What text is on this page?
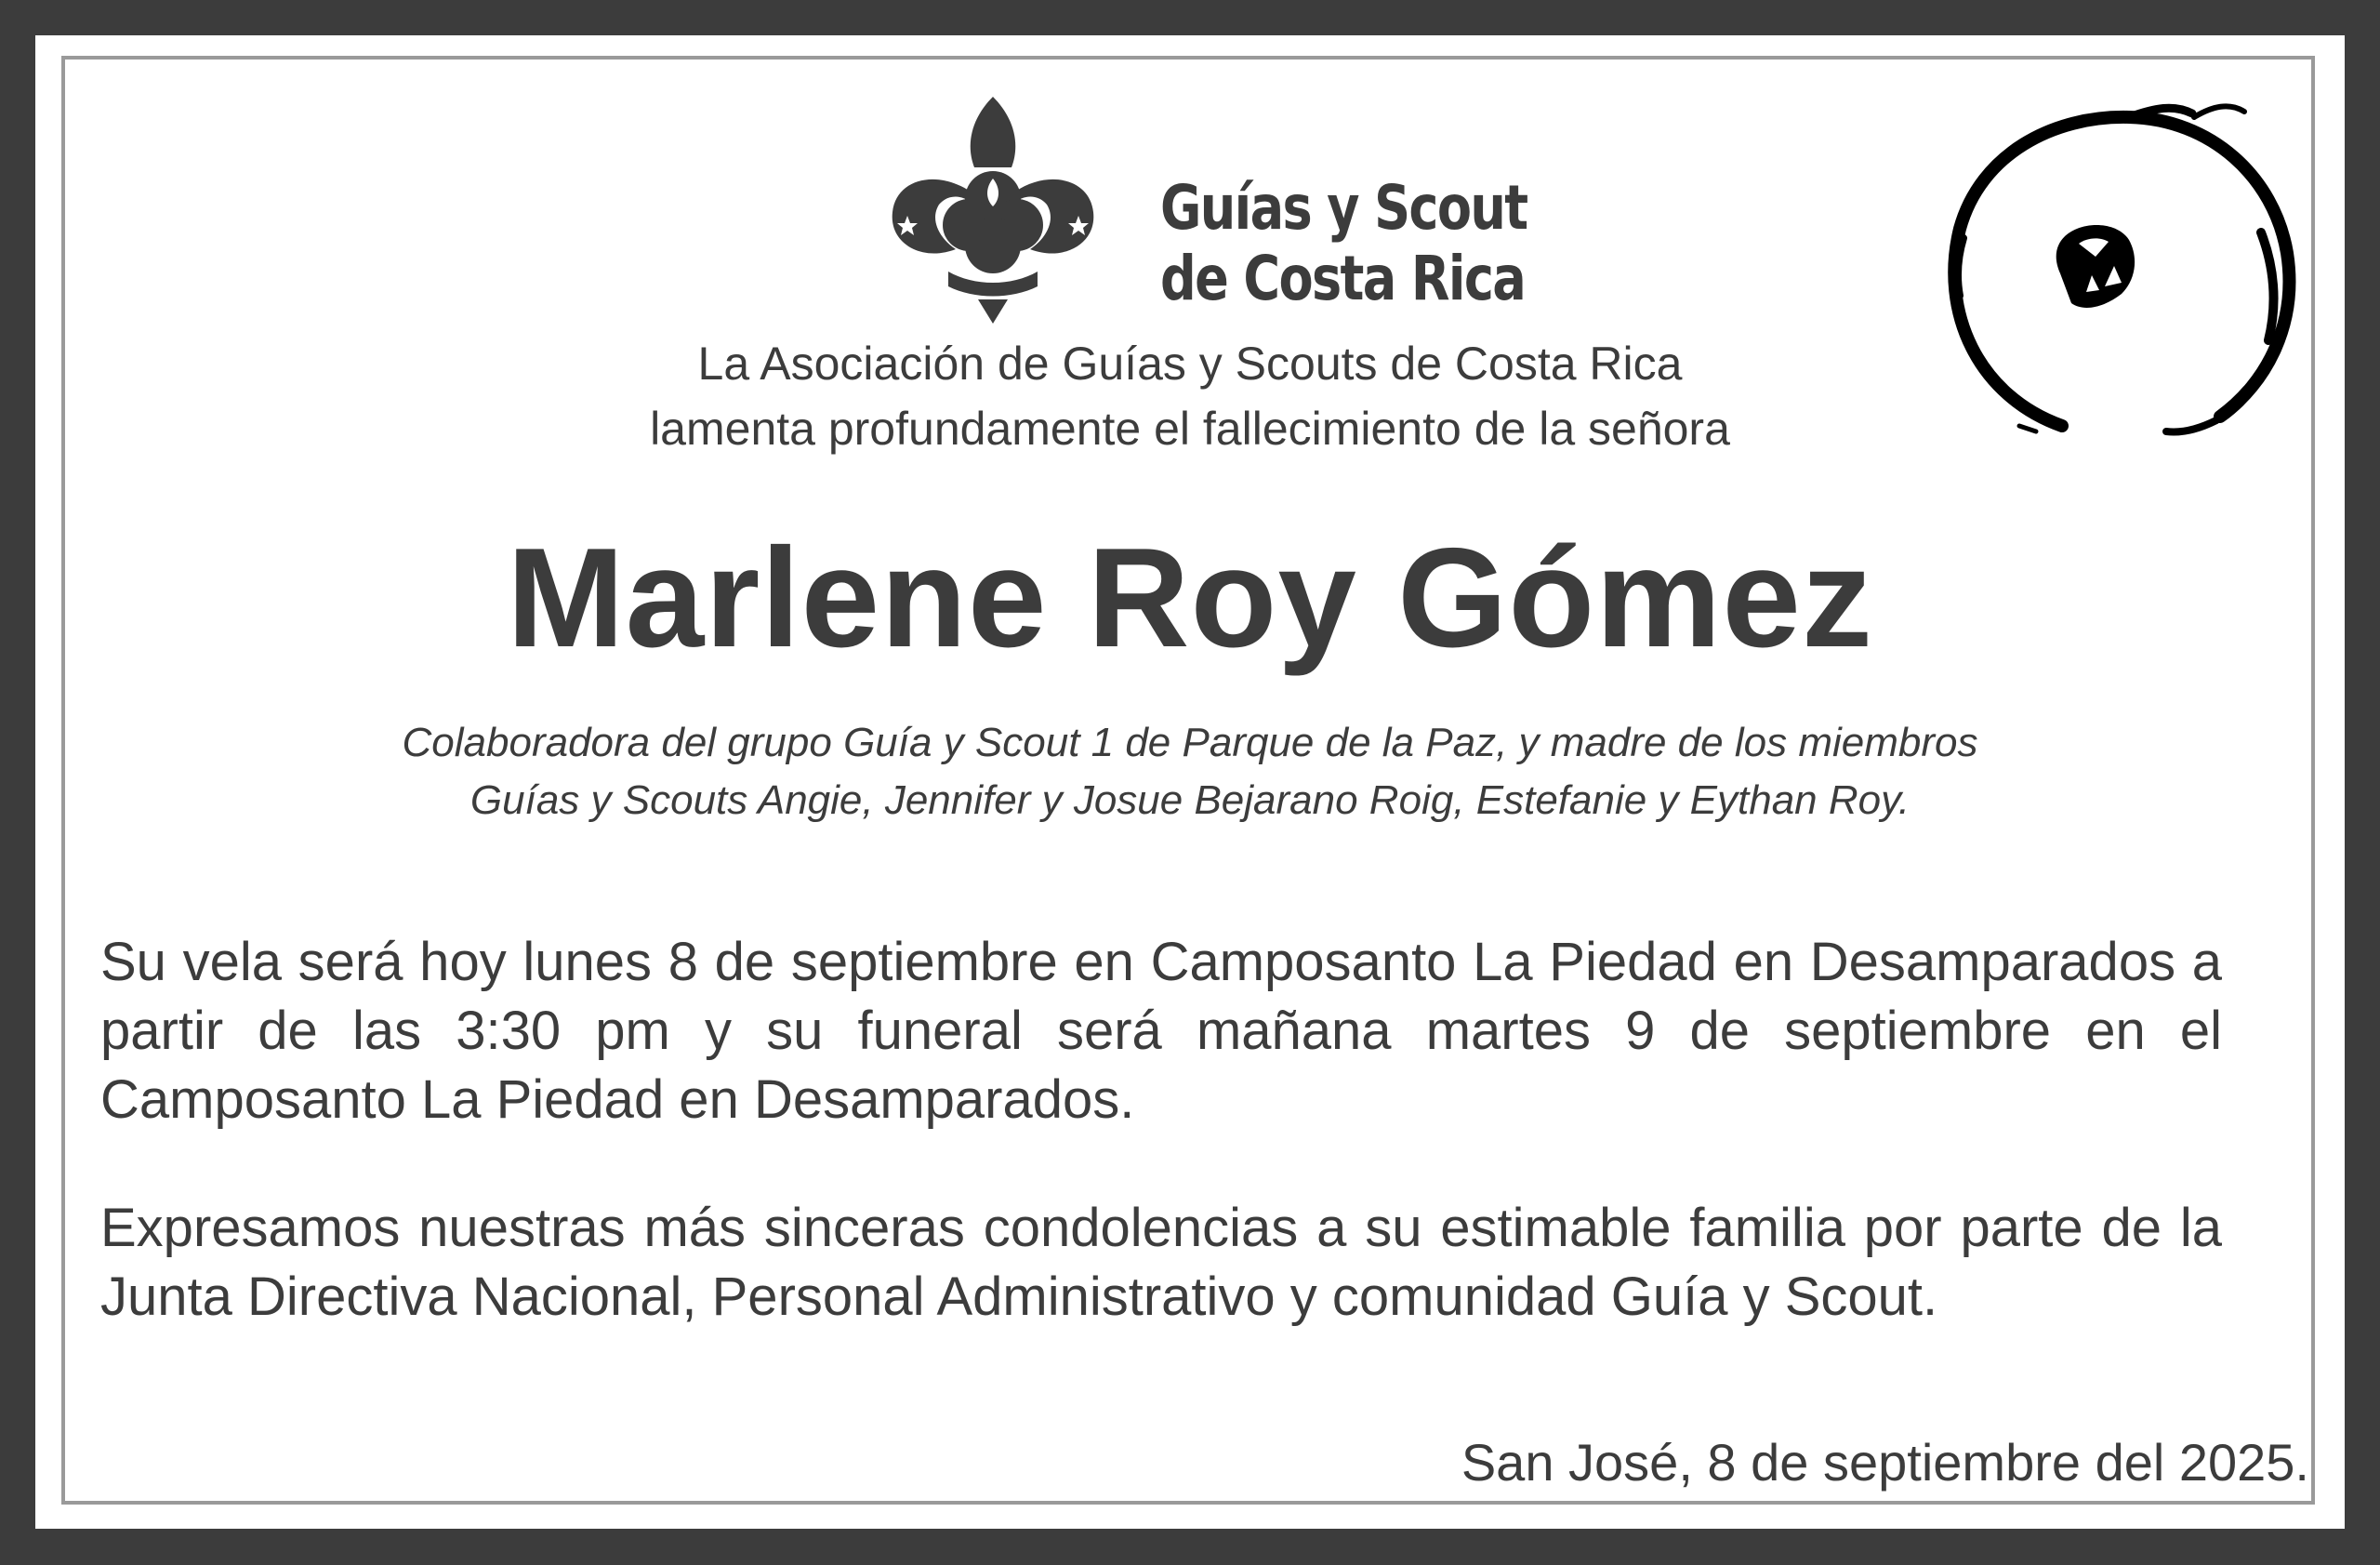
Guías y Scout
de Costa Rica
La Asociación de Guías y Scouts de Costa Rica
lamenta profundamente el fallecimiento de la señora
Marlene Roy Gómez
Colaboradora del grupo Guía y Scout 1 de Parque de la Paz, y madre de los miembros
Guías y Scouts Angie, Jennifer y Josue Bejarano Roig, Estefanie y Eythan Roy.
Su vela será hoy lunes 8 de septiembre en Camposanto La Piedad en Desamparados a partir de las 3:30 pm y su funeral será mañana martes 9 de septiembre en el Camposanto La Piedad en Desamparados.
Expresamos nuestras más sinceras condolencias a su estimable familia por parte de la Junta Directiva Nacional, Personal Administrativo y comunidad Guía y Scout.
San José, 8 de septiembre del 2025.
